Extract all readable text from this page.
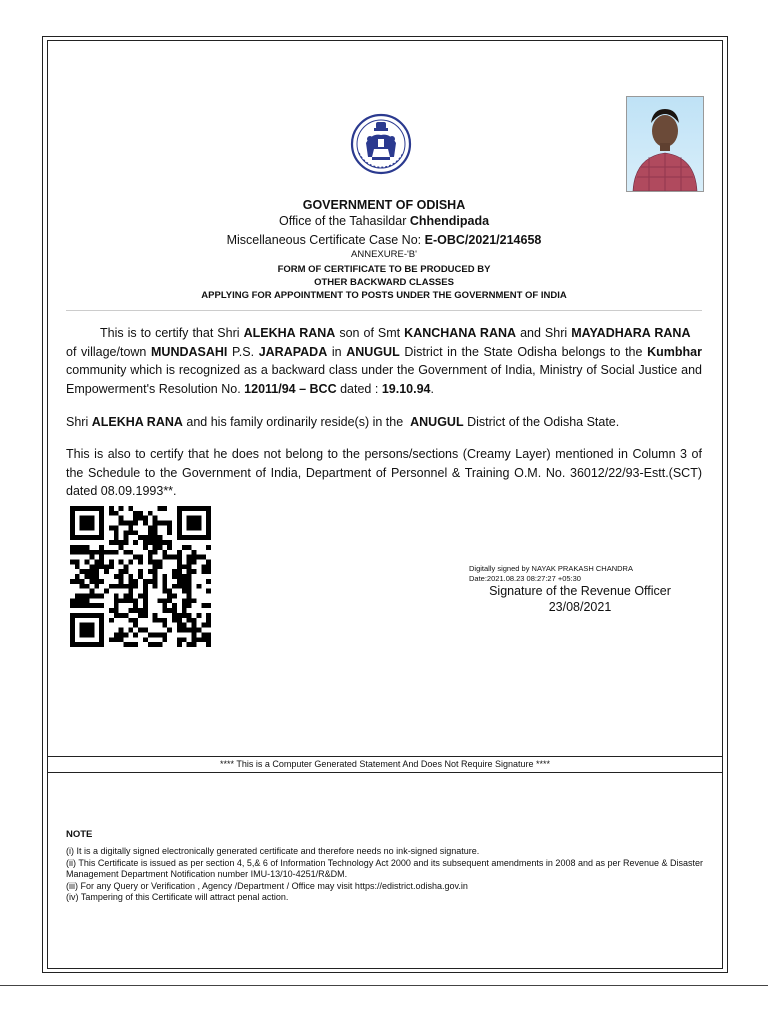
GOVERNMENT OF ODISHA
Office of the Tahasildar Chhendipada
Miscellaneous Certificate Case No: E-OBC/2021/214658
ANNEXURE-'B'
FORM OF CERTIFICATE TO BE PRODUCED BY
OTHER BACKWARD CLASSES
APPLYING FOR APPOINTMENT TO POSTS UNDER THE GOVERNMENT OF INDIA
This is to certify that Shri ALEKHA RANA son of Smt KANCHANA RANA and Shri MAYADHARA RANA    of village/town MUNDASAHI P.S. JARAPADA in ANUGUL District in the State Odisha belongs to the Kumbhar community which is recognized as a backward class under the Government of India, Ministry of Social Justice and Empowerment's Resolution No. 12011/94 – BCC dated : 19.10.94.
Shri ALEKHA RANA and his family ordinarily reside(s) in the ANUGUL District of the Odisha State.
This is also to certify that he does not belong to the persons/sections (Creamy Layer) mentioned in Column 3 of the Schedule to the Government of India, Department of Personnel & Training O.M. No. 36012/22/93-Estt.(SCT) dated 08.09.1993**.
Digitally signed by NAYAK PRAKASH CHANDRA
Date:2021.08.23 08:27:27 +05:30
Signature of the Revenue Officer
23/08/2021
**** This is a Computer Generated Statement And Does Not Require Signature ****
NOTE
(i) It is a digitally signed electronically generated certificate and therefore needs no ink-signed signature.
(ii) This Certificate is issued as per section 4, 5,& 6 of Information Technology Act 2000 and its subsequent amendments in 2008 and as per Revenue & Disaster Management Department Notification number IMU-13/10-4251/R&DM.
(iii) For any Query or Verification , Agency /Department / Office may visit https://edistrict.odisha.gov.in
(iv) Tampering of this Certificate will attract penal action.
